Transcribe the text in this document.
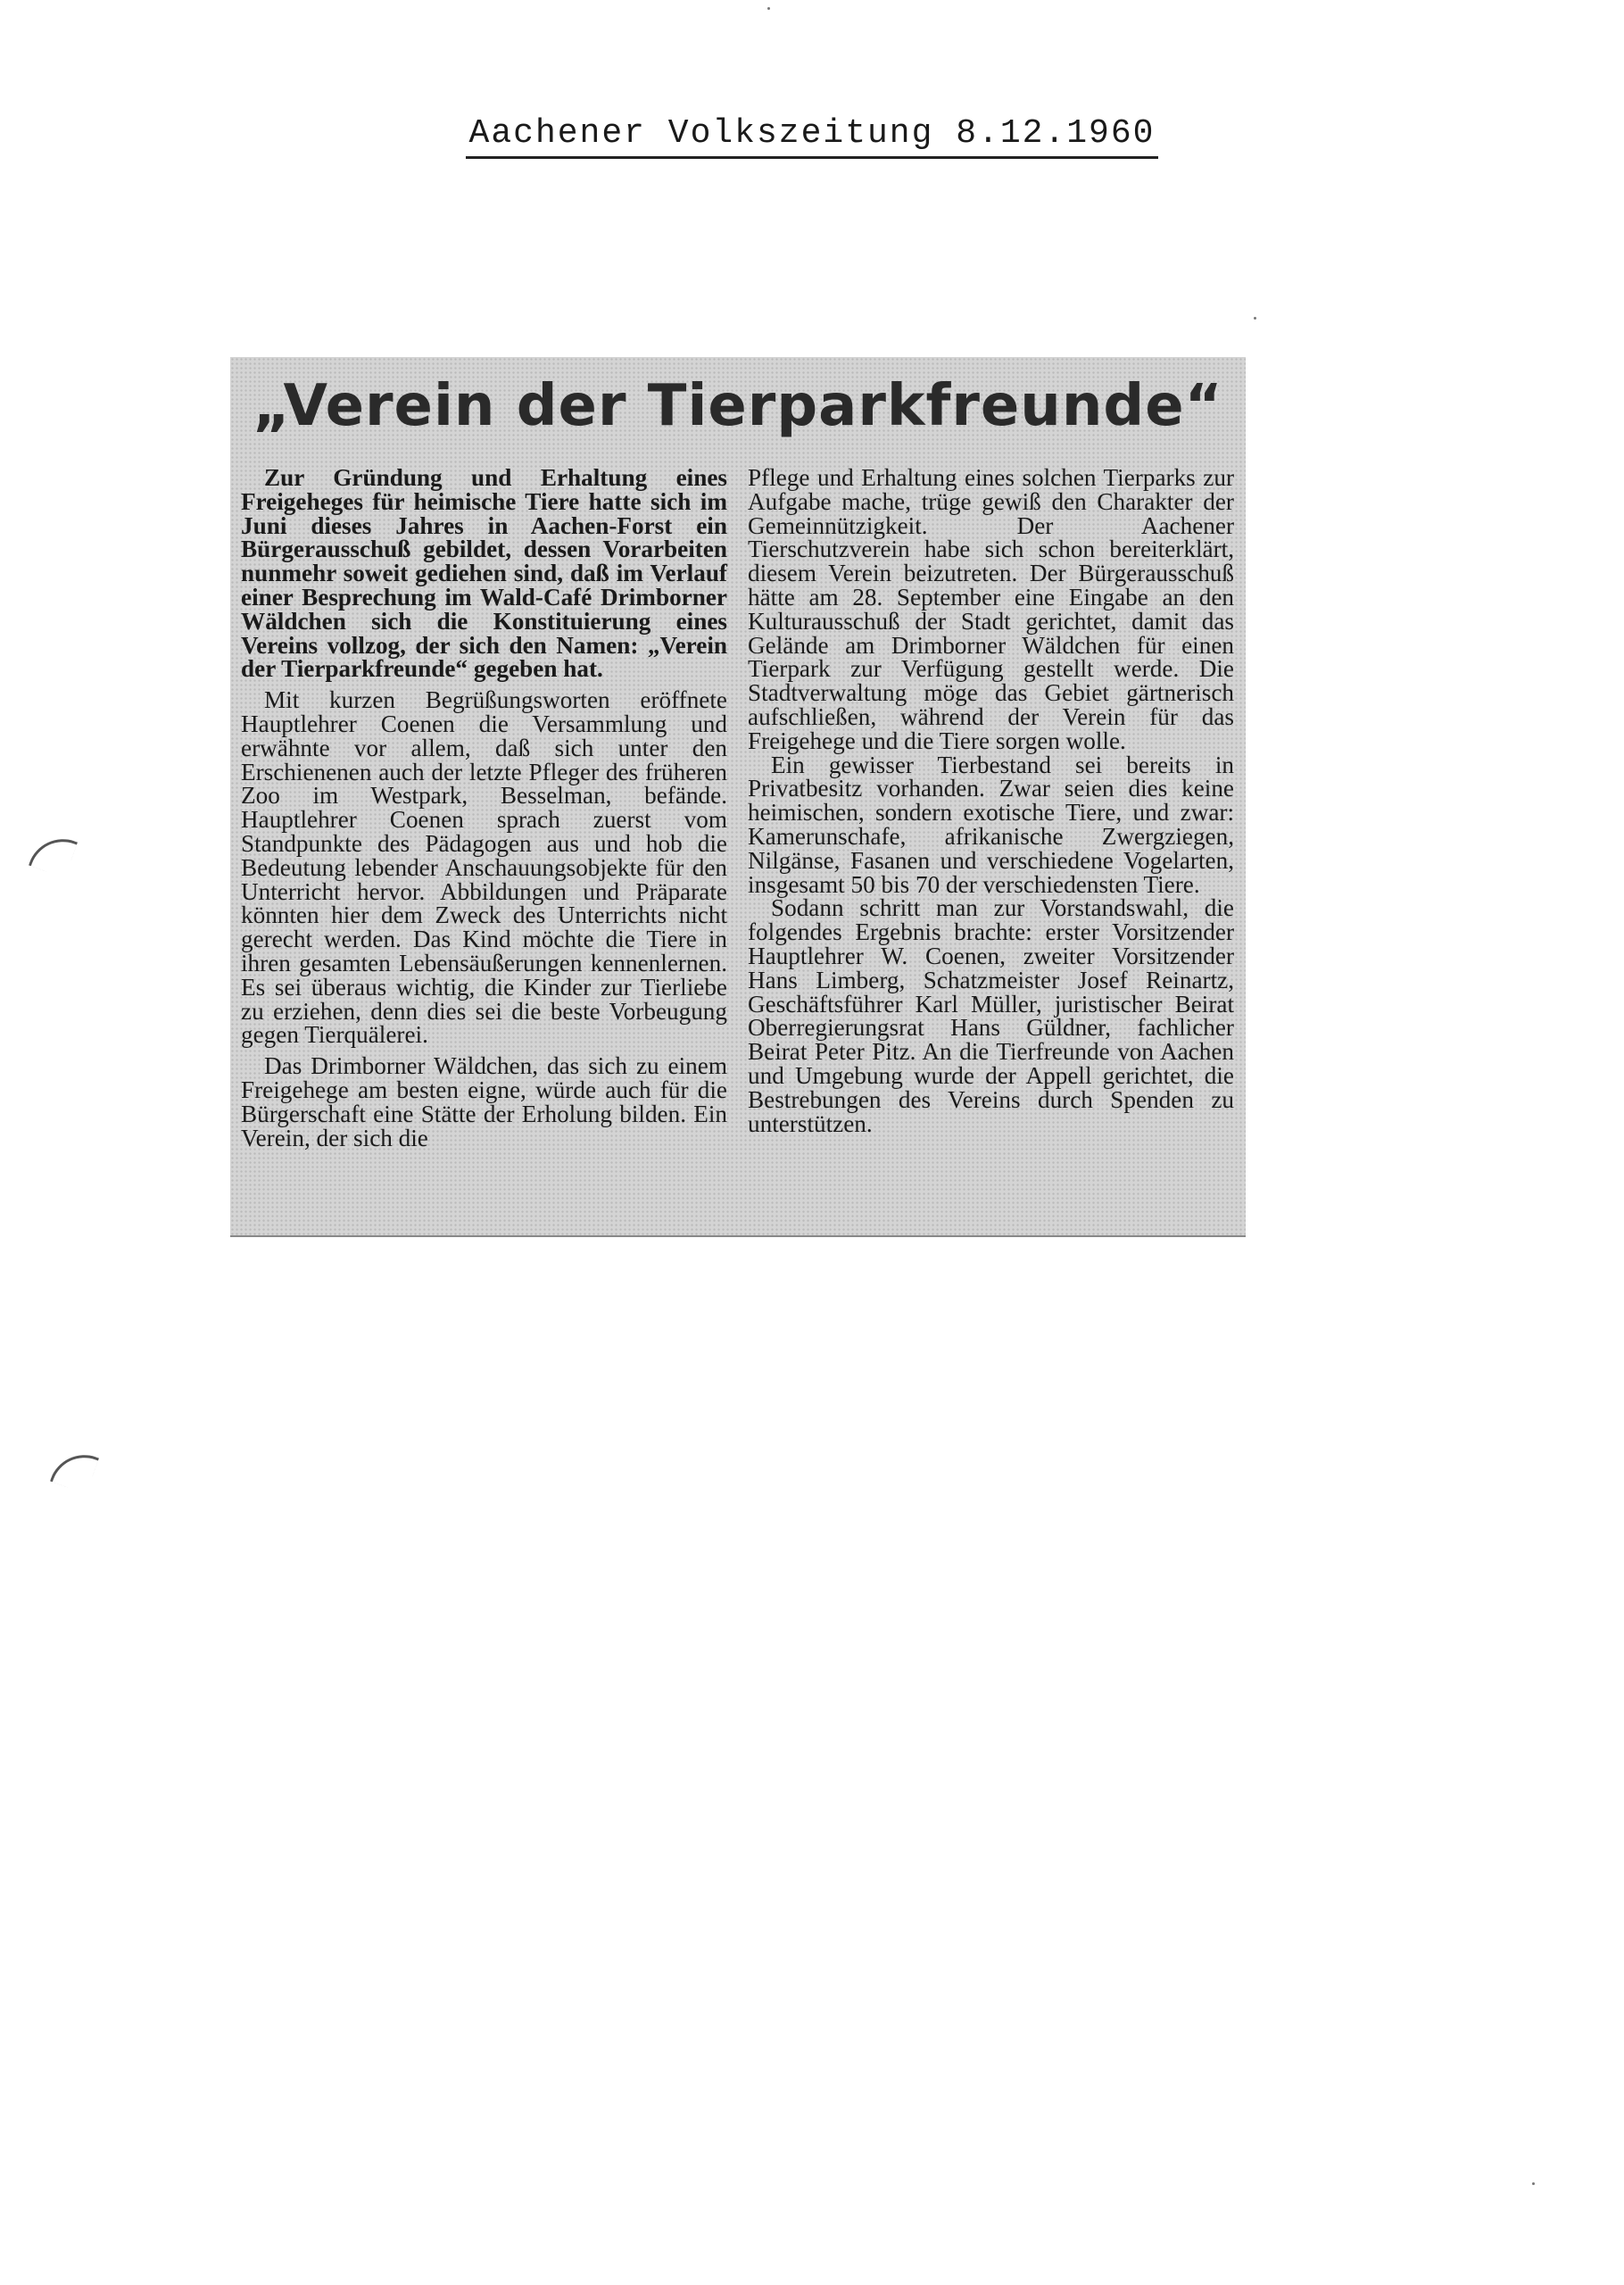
Aachener Volkszeitung 8.12.1960
„Verein der Tierparkfreunde“

Zur Gründung und Erhaltung eines Freigeheges für heimische Tiere hatte sich im Juni dieses Jahres in Aachen-Forst ein Bürgerausschuß gebildet, dessen Vorarbeiten nunmehr soweit gediehen sind, daß im Verlauf einer Besprechung im Wald-Café Drimborner Wäldchen sich die Konstituierung eines Vereins vollzog, der sich den Namen: „Verein der Tierparkfreunde“ gegeben hat.

Mit kurzen Begrüßungsworten eröffnete Hauptlehrer Coenen die Versammlung und erwähnte vor allem, daß sich unter den Erschienenen auch der letzte Pfleger des früheren Zoo im Westpark, Besselman, befände. Hauptlehrer Coenen sprach zuerst vom Standpunkte des Pädagogen aus und hob die Bedeutung lebender Anschauungsobjekte für den Unterricht hervor. Abbildungen und Präparate könnten hier dem Zweck des Unterrichts nicht gerecht werden. Das Kind möchte die Tiere in ihren gesamten Lebensäußerungen kennenlernen. Es sei überaus wichtig, die Kinder zur Tierliebe zu erziehen, denn dies sei die beste Vorbeugung gegen Tierquälerei.

Das Drimborner Wäldchen, das sich zu einem Freigehege am besten eigne, würde auch für die Bürgerschaft eine Stätte der Erholung bilden. Ein Verein, der sich die

Pflege und Erhaltung eines solchen Tierparks zur Aufgabe mache, trüge gewiß den Charakter der Gemeinnützigkeit. Der Aachener Tierschutzverein habe sich schon bereiterklärt, diesem Verein beizutreten. Der Bürgerausschuß hätte am 28. September eine Eingabe an den Kulturausschuß der Stadt gerichtet, damit das Gelände am Drimborner Wäldchen für einen Tierpark zur Verfügung gestellt werde. Die Stadtverwaltung möge das Gebiet gärtnerisch aufschließen, während der Verein für das Freigehege und die Tiere sorgen wolle.

Ein gewisser Tierbestand sei bereits in Privatbesitz vorhanden. Zwar seien dies keine heimischen, sondern exotische Tiere, und zwar: Kamerunschafe, afrikanische Zwergziegen, Nilgänse, Fasanen und verschiedene Vogelarten, insgesamt 50 bis 70 der verschiedensten Tiere.

Sodann schritt man zur Vorstandswahl, die folgendes Ergebnis brachte: erster Vorsitzender Hauptlehrer W. Coenen, zweiter Vorsitzender Hans Limberg, Schatzmeister Josef Reinartz, Geschäftsführer Karl Müller, juristischer Beirat Oberregierungsrat Hans Güldner, fachlicher Beirat Peter Pitz. An die Tierfreunde von Aachen und Umgebung wurde der Appell gerichtet, die Bestrebungen des Vereins durch Spenden zu unterstützen.
